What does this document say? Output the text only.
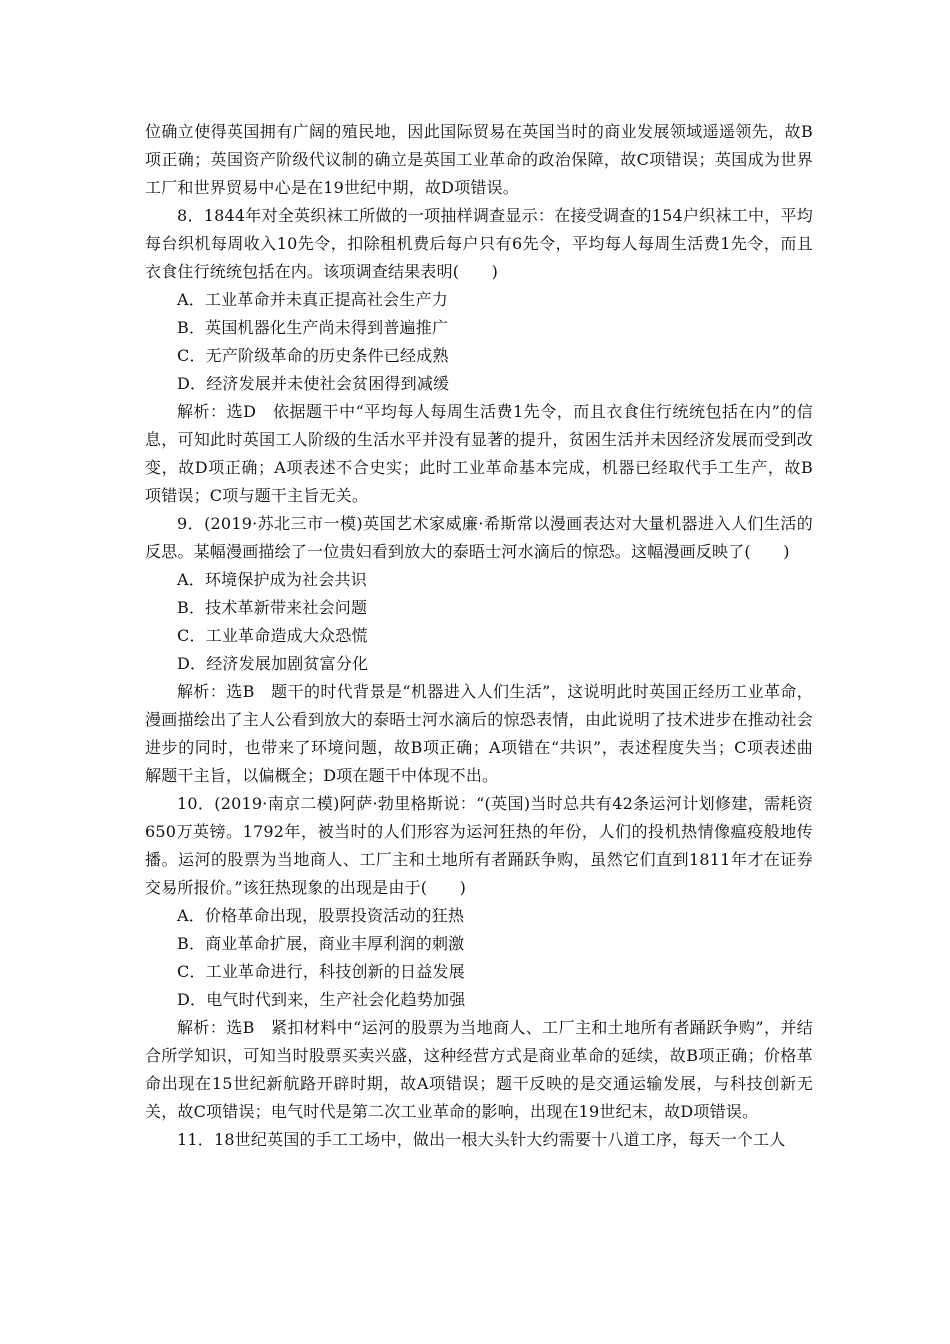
位确立使得英国拥有广阔的殖民地，因此国际贸易在英国当时的商业发展领域遥遥领先，故B项正确；英国资产阶级代议制的确立是英国工业革命的政治保障，故C项错误；英国成为世界工厂和世界贸易中心是在19世纪中期，故D项错误。

8．1844年对全英织袜工所做的一项抽样调查显示：在接受调查的154户织袜工中，平均每台织机每周收入10先令，扣除租机费后每户只有6先令，平均每人每周生活费1先令，而且衣食住行统统包括在内。该项调查结果表明(　　)

A．工业革命并未真正提高社会生产力

B．英国机器化生产尚未得到普遍推广

C．无产阶级革命的历史条件已经成熟

D．经济发展并未使社会贫困得到减缓

解析：选D　依据题干中“平均每人每周生活费1先令，而且衣食住行统统包括在内”的信息，可知此时英国工人阶级的生活水平并没有显著的提升，贫困生活并未因经济发展而受到改变，故D项正确；A项表述不合史实；此时工业革命基本完成，机器已经取代手工生产，故B项错误；C项与题干主旨无关。

9．(2019·苏北三市一模)英国艺术家威廉·希斯常以漫画表达对大量机器进入人们生活的反思。某幅漫画描绘了一位贵妇看到放大的泰晤士河水滴后的惊恐。这幅漫画反映了(　　)

A．环境保护成为社会共识

B．技术革新带来社会问题

C．工业革命造成大众恐慌

D．经济发展加剧贫富分化

解析：选B　题干的时代背景是“机器进入人们生活”，这说明此时英国正经历工业革命，漫画描绘出了主人公看到放大的泰晤士河水滴后的惊恐表情，由此说明了技术进步在推动社会进步的同时，也带来了环境问题，故B项正确；A项错在“共识”，表述程度失当；C项表述曲解题干主旨，以偏概全；D项在题干中体现不出。

10．(2019·南京二模)阿萨·勃里格斯说：“(英国)当时总共有42条运河计划修建，需耗资650万英镑。1792年，被当时的人们形容为运河狂热的年份，人们的投机热情像瘟疫般地传播。运河的股票为当地商人、工厂主和土地所有者踊跃争购，虽然它们直到1811年才在证券交易所报价。”该狂热现象的出现是由于(　　)

A．价格革命出现，股票投资活动的狂热

B．商业革命扩展，商业丰厚利润的刺激

C．工业革命进行，科技创新的日益发展

D．电气时代到来，生产社会化趋势加强

解析：选B　紧扣材料中“运河的股票为当地商人、工厂主和土地所有者踊跃争购”，并结合所学知识，可知当时股票买卖兴盛，这种经营方式是商业革命的延续，故B项正确；价格革命出现在15世纪新航路开辟时期，故A项错误；题干反映的是交通运输发展，与科技创新无关，故C项错误；电气时代是第二次工业革命的影响，出现在19世纪末，故D项错误。

11．18世纪英国的手工工场中，做出一根大头针大约需要十八道工序，每天一个工人
